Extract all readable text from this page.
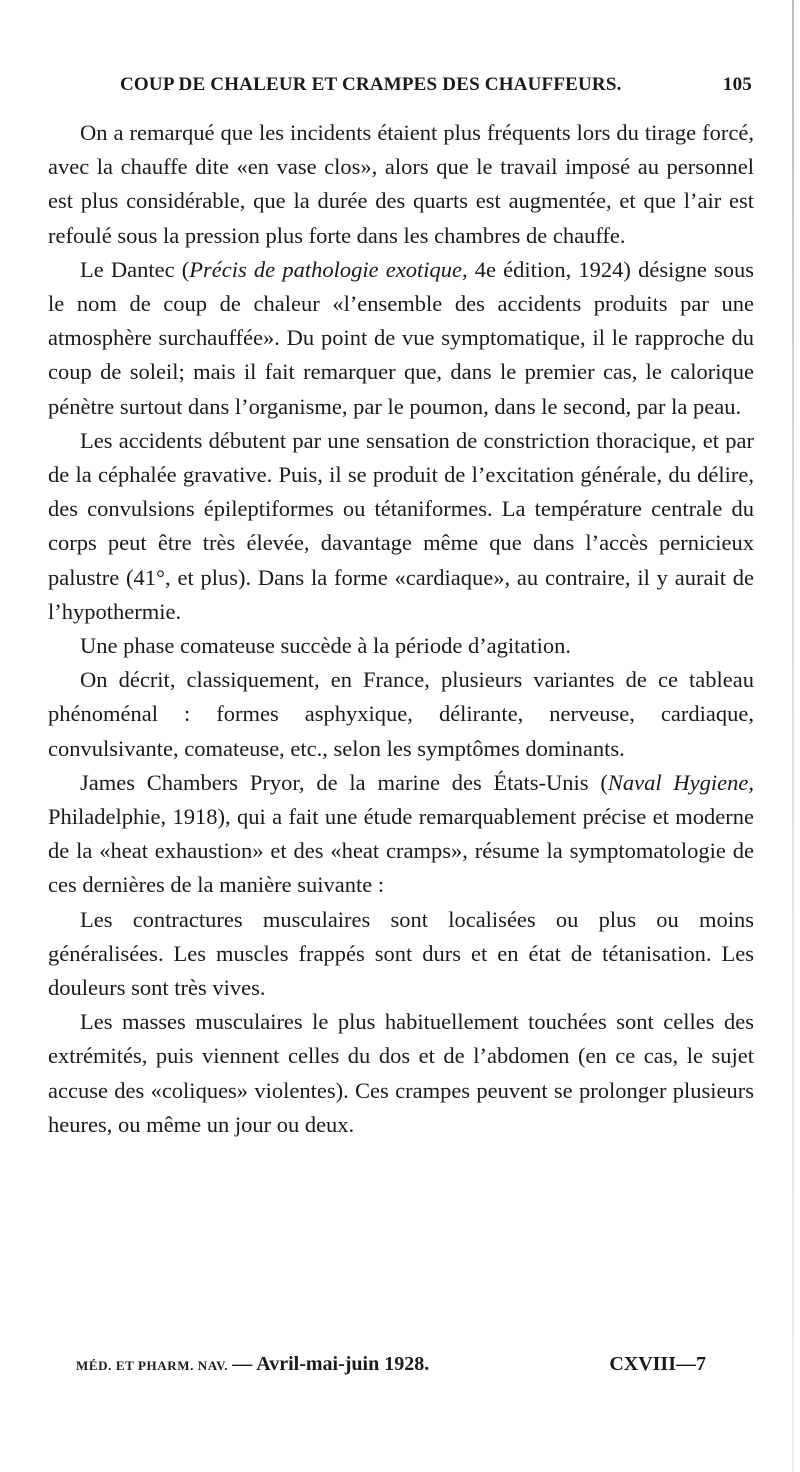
COUP DE CHALEUR ET CRAMPES DES CHAUFFEURS.	105

On a remarqué que les incidents étaient plus fréquents lors du tirage forcé, avec la chauffe dite «en vase clos», alors que le travail imposé au personnel est plus considérable, que la durée des quarts est augmentée, et que l’air est refoulé sous la pression plus forte dans les chambres de chauffe.

Le Dantec (Précis de pathologie exotique, 4e édition, 1924) désigne sous le nom de coup de chaleur «l’ensemble des accidents produits par une atmosphère surchauffée». Du point de vue symptomatique, il le rapproche du coup de soleil; mais il fait remarquer que, dans le premier cas, le calorique pénètre surtout dans l’organisme, par le poumon, dans le second, par la peau.

Les accidents débutent par une sensation de constriction thoracique, et par de la céphalée gravative. Puis, il se produit de l’excitation générale, du délire, des convulsions épileptiformes ou tétaniformes. La température centrale du corps peut être très élevée, davantage même que dans l’accès pernicieux palustre (41°, et plus). Dans la forme «cardiaque», au contraire, il y aurait de l’hypothermie.

Une phase comateuse succède à la période d’agitation.

On décrit, classiquement, en France, plusieurs variantes de ce tableau phénoménal : formes asphyxique, délirante, nerveuse, cardiaque, convulsivante, comateuse, etc., selon les symptômes dominants.

James Chambers Pryor, de la marine des États-Unis (Naval Hygiene, Philadelphie, 1918), qui a fait une étude remarquablement précise et moderne de la «heat exhaustion» et des «heat cramps», résume la symptomatologie de ces dernières de la manière suivante :

Les contractures musculaires sont localisées ou plus ou moins généralisées. Les muscles frappés sont durs et en état de tétanisation. Les douleurs sont très vives.

Les masses musculaires le plus habituellement touchées sont celles des extrémités, puis viennent celles du dos et de l’abdomen (en ce cas, le sujet accuse des «coliques» violentes). Ces crampes peuvent se prolonger plusieurs heures, ou même un jour ou deux.

MÉD. ET PHARM. NAV. — Avril-mai-juin 1928.	CXVIII—7
